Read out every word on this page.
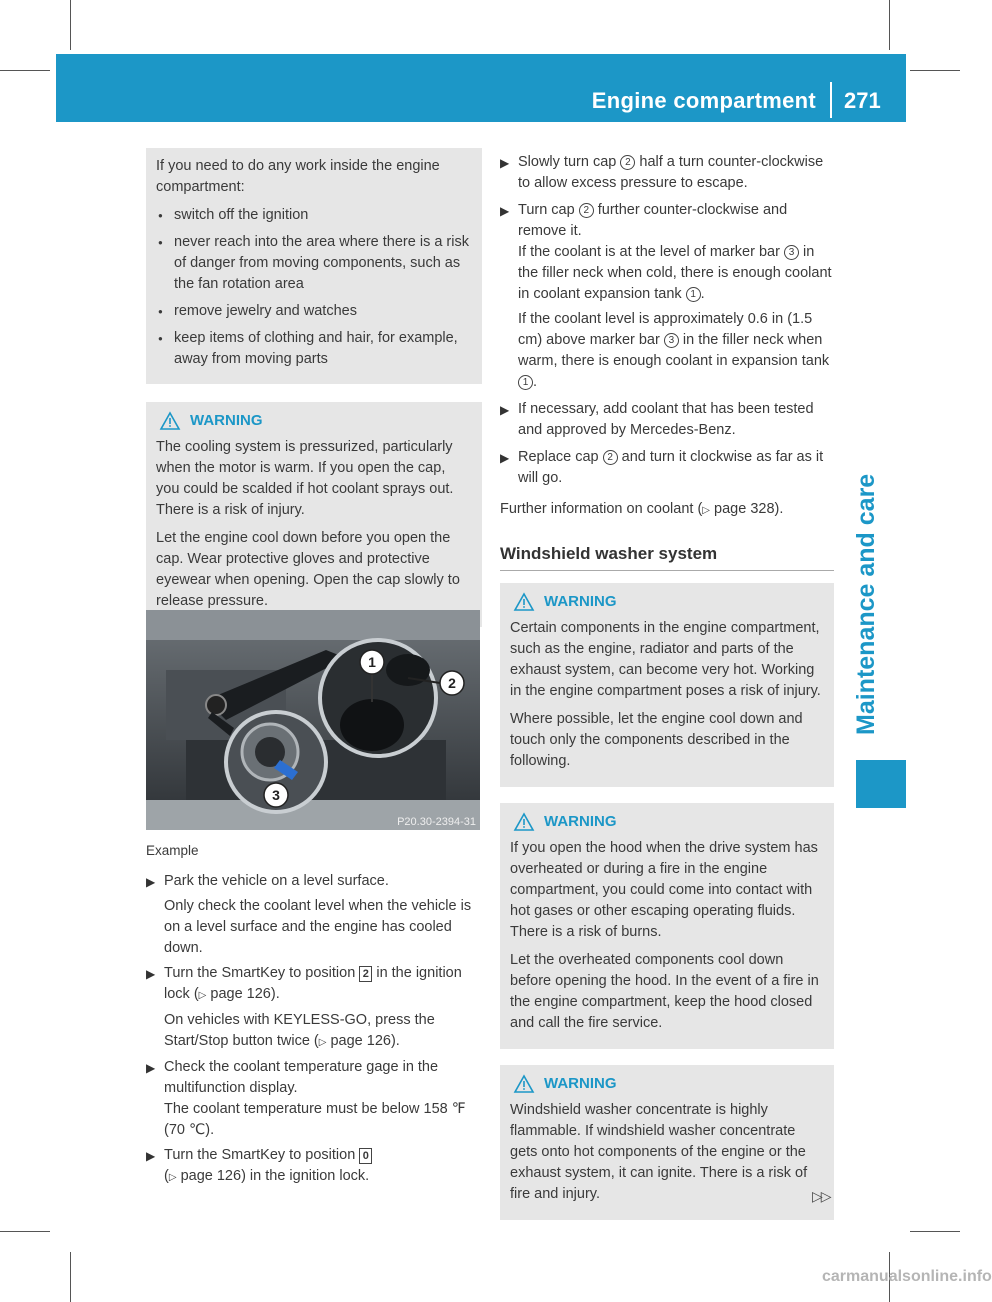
Engine compartment 271
Maintenance and care

If you need to do any work inside the engine compartment:

● switch off the ignition
● never reach into the area where there is a risk of danger from moving components, such as the fan rotation area
● remove jewelry and watches
● keep items of clothing and hair, for example, away from moving parts
WARNING

The cooling system is pressurized, particularly when the motor is warm. If you open the cap, you could be scalded if hot coolant sprays out. There is a risk of injury.

Let the engine cool down before you open the cap. Wear protective gloves and protective eyewear when opening. Open the cap slowly to release pressure.

1
2
3
P20.30-2394-31
Example
▶ Park the vehicle on a level surface.
Only check the coolant level when the vehicle is on a level surface and the engine has cooled down.
▶ Turn the SmartKey to position 2 in the ignition lock (▷ page 126).
On vehicles with KEYLESS-GO, press the Start/Stop button twice (▷ page 126).
▶ Check the coolant temperature gage in the multifunction display.
The coolant temperature must be below 158 ℉ (70 ℃).
▶ Turn the SmartKey to position 0
(▷ page 126) in the ignition lock.
▶ Slowly turn cap 2 half a turn counter-clockwise to allow excess pressure to escape.
▶ Turn cap 2 further counter-clockwise and remove it.
If the coolant is at the level of marker bar 3 in the filler neck when cold, there is enough coolant in coolant expansion tank 1 .
If the coolant level is approximately 0.6 in (1.5 cm) above marker bar 3 in the filler neck when warm, there is enough coolant in expansion tank 1 .
▶ If necessary, add coolant that has been tested and approved by Mercedes-Benz.
▶ Replace cap 2 and turn it clockwise as far as it will go.
Further information on coolant (▷ page 328).
Windshield washer system
WARNING

Certain components in the engine compartment, such as the engine, radiator and parts of the exhaust system, can become very hot. Working in the engine compartment poses a risk of injury.

Where possible, let the engine cool down and touch only the components described in the following.

WARNING

If you open the hood when the drive system has overheated or during a fire in the engine compartment, you could come into contact with hot gases or other escaping operating fluids. There is a risk of burns.

Let the overheated components cool down before opening the hood. In the event of a fire in the engine compartment, keep the hood closed and call the fire service.

WARNING

Windshield washer concentrate is highly flammable. If windshield washer concentrate gets onto hot components of the engine or the exhaust system, it can ignite. There is a risk of fire and injury.	▷▷
carmanualsonline.info
